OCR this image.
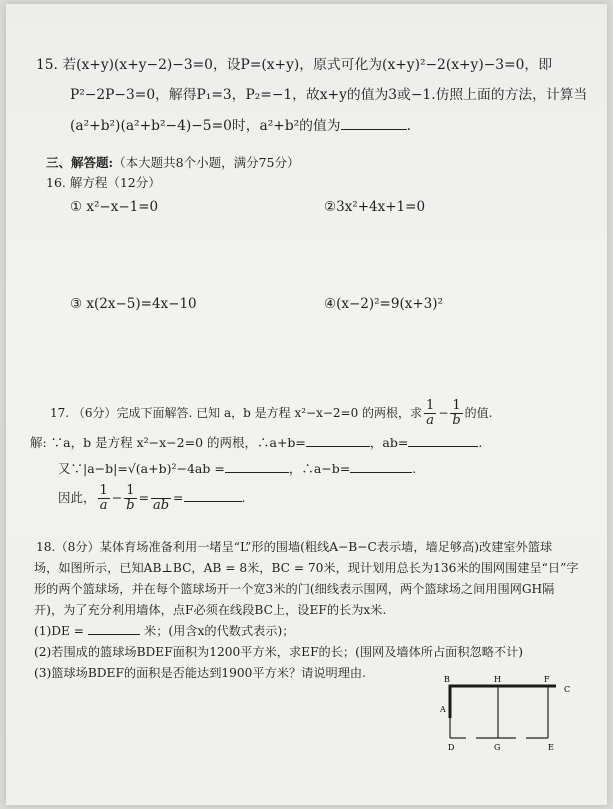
15. 若(x+y)(x+y−2)−3=0，设P=(x+y)，原式可化为(x+y)²−2(x+y)−3=0，即
P²−2P−3=0，解得P₁=3，P₂=−1，故x+y的值为3或−1.仿照上面的方法，计算当
(a²+b²)(a²+b²−4)−5=0时，a²+b²的值为	.
三、解答题:（本大题共8个小题，满分75分）
16. 解方程（12分）
① x²−x−1=0	②3x²+4x+1=0
③ x(2x−5)=4x−10	④(x−2)²=9(x+3)²
17. （6分）完成下面解答. 已知 a，b 是方程 x²−x−2=0 的两根，求 $\frac{1}{a} - \frac{1}{b}$ 的值.
解: ∵a，b 是方程 x²−x−2=0 的两根，∴a+b=	，ab=	.
又∵|a−b|=√(a+b)²−4ab =	，∴a−b=	.
因此， $\frac{1}{a} - \frac{1}{b}$ =
ab
=	.
18.（8分）某体育场准备利用一堵呈“L”形的围墙(粗线A−B−C表示墙，墙足够高)改建室外篮球
场，如图所示，已知AB⊥BC，AB = 8米，BC = 70米，现计划用总长为136米的围网围建呈“日”字
形的两个篮球场，并在每个篮球场开一个宽3米的门(细线表示围网，两个篮球场之间用围网GH隔
开)，为了充分利用墙体，点F必须在线段BC上，设EF的长为x米.
(1)DE =	米；(用含x的代数式表示)；
(2)若围成的篮球场BDEF面积为1200平方米，求EF的长；(围网及墙体所占面积忽略不计)
(3)篮球场BDEF的面积是否能达到1900平方米？请说明理由.	B	H	F
C
A
D	G	E
